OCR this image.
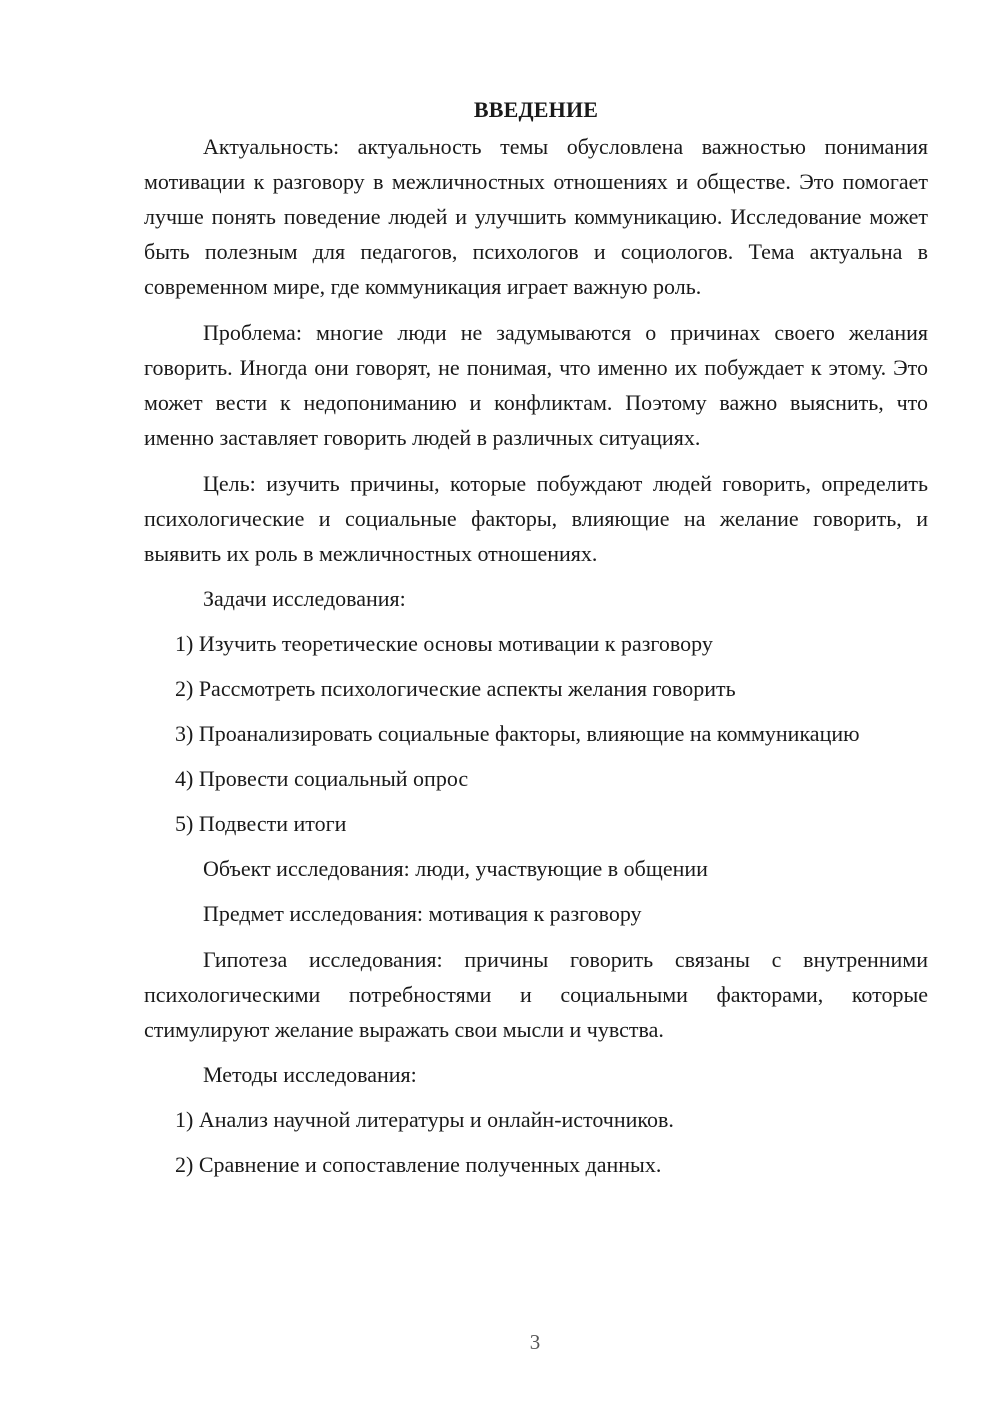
ВВЕДЕНИЕ

Актуальность: актуальность темы обусловлена важностью понимания мотивации к разговору в межличностных отношениях и обществе. Это помогает лучше понять поведение людей и улучшить коммуникацию. Исследование может быть полезным для педагогов, психологов и социологов. Тема актуальна в современном мире, где коммуникация играет важную роль.

Проблема: многие люди не задумываются о причинах своего желания говорить. Иногда они говорят, не понимая, что именно их побуждает к этому. Это может вести к недопониманию и конфликтам. Поэтому важно выяснить, что именно заставляет говорить людей в различных ситуациях.

Цель: изучить причины, которые побуждают людей говорить, определить психологические и социальные факторы, влияющие на желание говорить, и выявить их роль в межличностных отношениях.

Задачи исследования:

1) Изучить теоретические основы мотивации к разговору

2) Рассмотреть психологические аспекты желания говорить

3) Проанализировать социальные факторы, влияющие на коммуникацию

4) Провести социальный опрос

5) Подвести итоги

Объект исследования: люди, участвующие в общении

Предмет исследования: мотивация к разговору

Гипотеза исследования: причины говорить связаны с внутренними психологическими потребностями и социальными факторами, которые стимулируют желание выражать свои мысли и чувства.

Методы исследования:

1) Анализ научной литературы и онлайн-источников.

2) Сравнение и сопоставление полученных данных.

3
